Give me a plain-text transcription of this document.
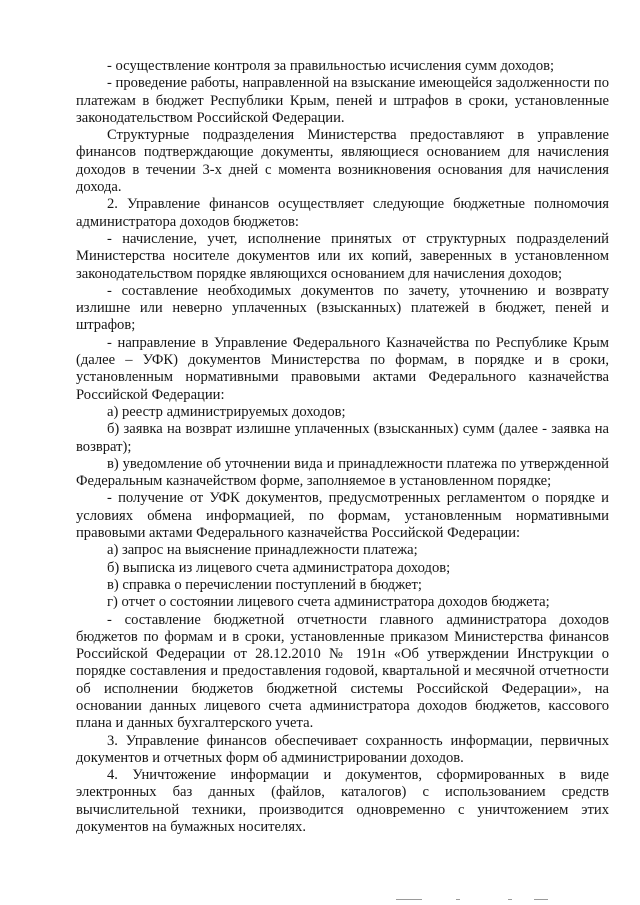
- осуществление контроля за правильностью исчисления сумм доходов;

- проведение работы, направленной на взыскание имеющейся задолженности по платежам в бюджет Республики Крым, пеней и штрафов в сроки, установленные законодательством Российской Федерации.

Структурные подразделения Министерства предоставляют в управление финансов подтверждающие документы, являющиеся основанием для начисления доходов в течении 3-х дней с момента возникновения основания для начисления дохода.

2. Управление финансов осуществляет следующие бюджетные полномочия администратора доходов бюджетов:

- начисление, учет, исполнение принятых от структурных подразделений Министерства носителе документов или их копий, заверенных в установленном законодательством порядке являющихся основанием для начисления доходов;

- составление необходимых документов по зачету, уточнению и возврату излишне или неверно уплаченных (взысканных) платежей в бюджет, пеней и штрафов;

- направление в Управление Федерального Казначейства по Республике Крым (далее – УФК) документов Министерства по формам, в порядке и в сроки, установленным нормативными правовыми актами Федерального казначейства Российской Федерации:

а) реестр администрируемых доходов;

б) заявка на возврат излишне уплаченных (взысканных) сумм (далее - заявка на возврат);

в) уведомление об уточнении вида и принадлежности платежа по утвержденной Федеральным казначейством форме, заполняемое в установленном порядке;

- получение от УФК документов, предусмотренных регламентом о порядке и условиях обмена информацией, по формам, установленным нормативными правовыми актами Федерального казначейства Российской Федерации:

а) запрос на выяснение принадлежности платежа;

б) выписка из лицевого счета администратора доходов;

в) справка о перечислении поступлений в бюджет;

г) отчет о состоянии лицевого счета администратора доходов бюджета;

- составление бюджетной отчетности главного администратора доходов бюджетов по формам и в сроки, установленные приказом Министерства финансов Российской Федерации от 28.12.2010 № 191н «Об утверждении Инструкции о порядке составления и предоставления годовой, квартальной и месячной отчетности об исполнении бюджетов бюджетной системы Российской Федерации», на основании данных лицевого счета администратора доходов бюджетов, кассового плана и данных бухгалтерского учета.

3. Управление финансов обеспечивает сохранность информации, первичных документов и отчетных форм об администрировании доходов.

4. Уничтожение информации и документов, сформированных в виде электронных баз данных (файлов, каталогов) с использованием средств вычислительной техники, производится одновременно с уничтожением этих документов на бумажных носителях.
